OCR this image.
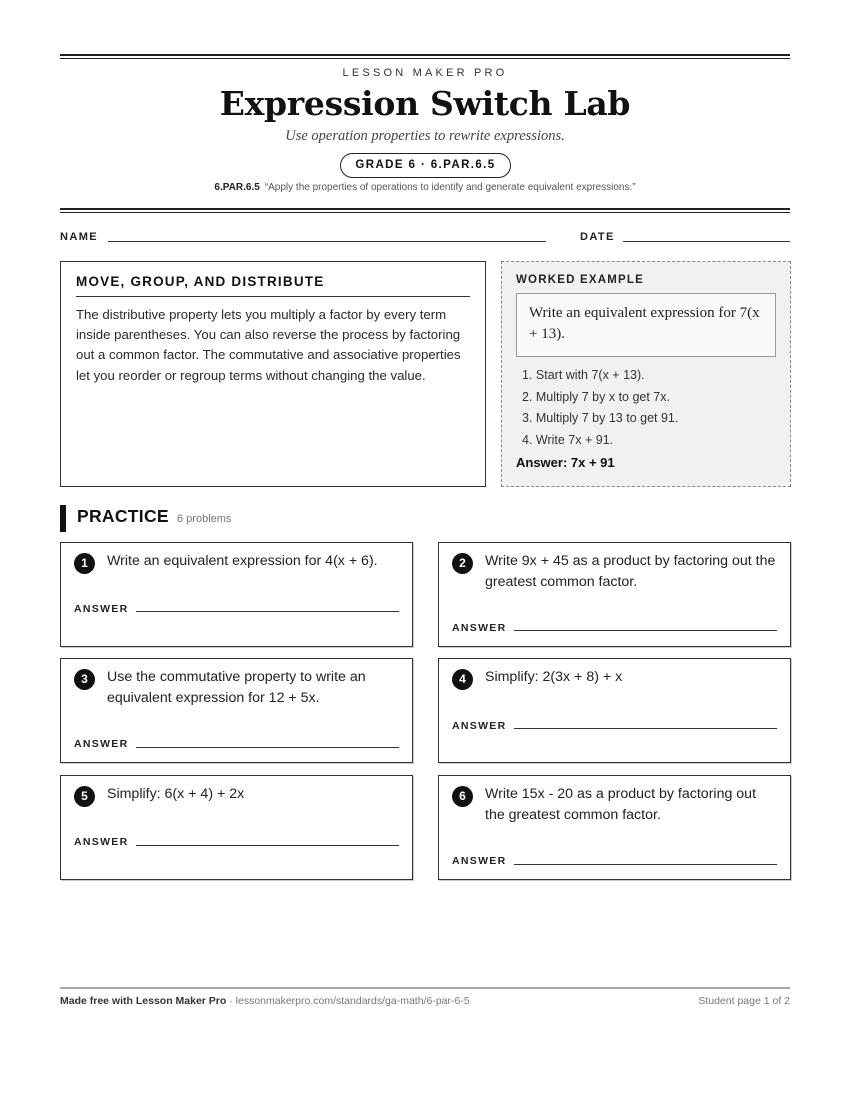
LESSON MAKER PRO
Expression Switch Lab
Use operation properties to rewrite expressions.
GRADE 6 · 6.PAR.6.5
6.PAR.6.5 “Apply the properties of operations to identify and generate equivalent expressions.”
NAME	DATE
MOVE, GROUP, AND DISTRIBUTE

The distributive property lets you multiply a factor by every term inside parentheses. You can also reverse the process by factoring out a common factor. The commutative and associative properties let you reorder or regroup terms without changing the value.

WORKED EXAMPLE
Write an equivalent expression for 7(x + 13).
1. Start with 7(x + 13).
2. Multiply 7 by x to get 7x.
3. Multiply 7 by 13 to get 91.
4. Write 7x + 91.
Answer: 7x + 91
PRACTICE 6 problems
1	Write an equivalent expression for 4(x + 6).
ANSWER
2	Write 9x + 45 as a product by factoring out the greatest common factor.
ANSWER
3	Use the commutative property to write an equivalent expression for 12 + 5x.
ANSWER
4	Simplify: 2(3x + 8) + x
ANSWER
5	Simplify: 6(x + 4) + 2x
ANSWER
6	Write 15x - 20 as a product by factoring out the greatest common factor.
ANSWER
Made free with Lesson Maker Pro · lessonmakerpro.com/standards/ga-math/6-par-6-5	Student page 1 of 2
